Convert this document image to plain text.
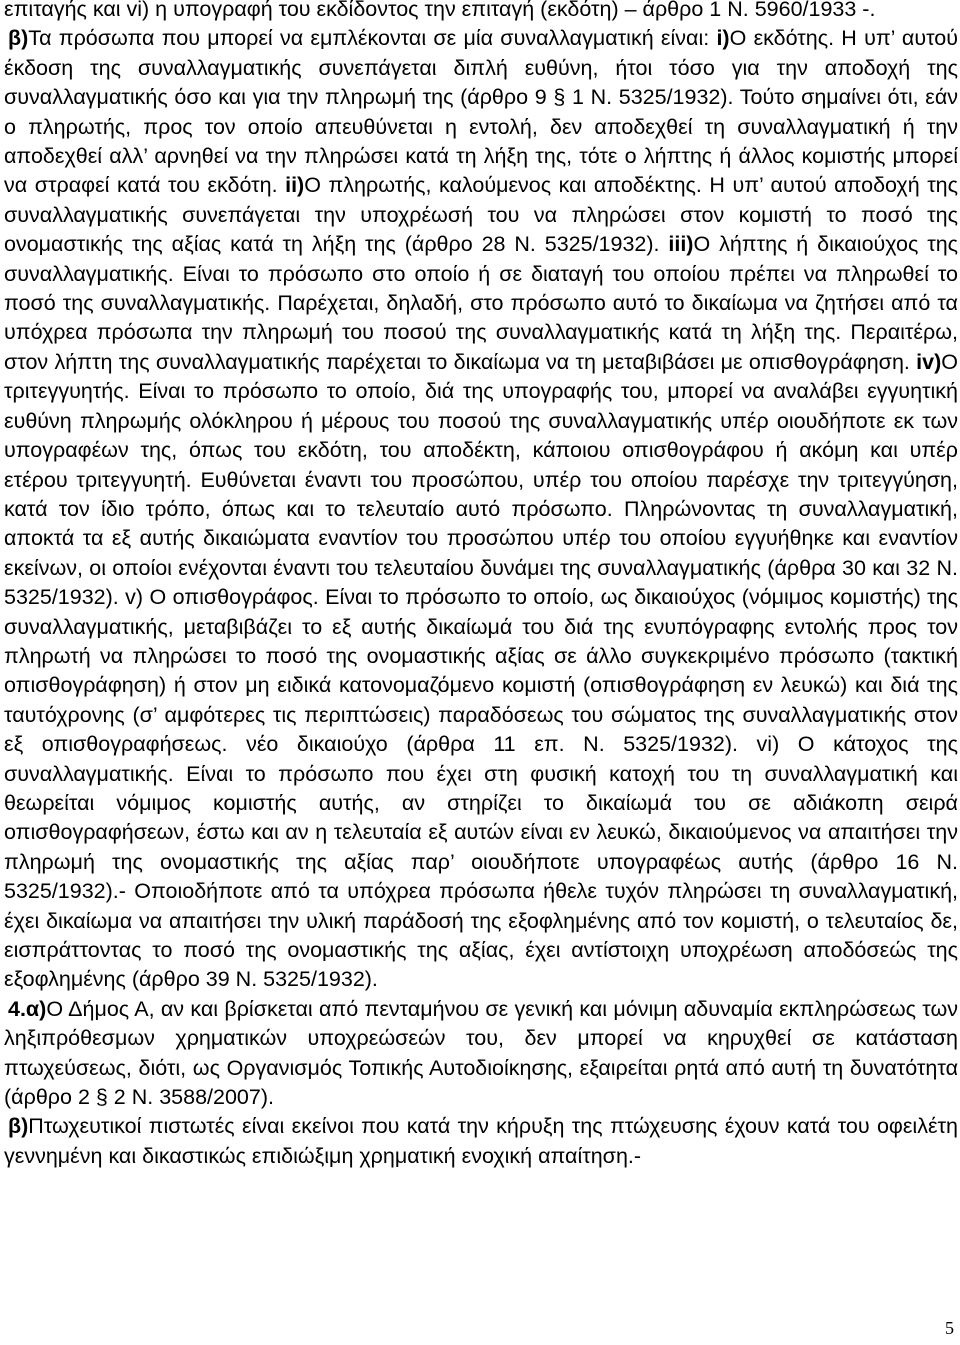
επιταγής και vi) η υπογραφή του εκδίδοντος την επιταγή (εκδότη) – άρθρο 1 Ν. 5960/1933 -.

β)Τα πρόσωπα που μπορεί να εμπλέκονται σε μία συναλλαγματική είναι: i)Ο εκδότης. Η υπ’ αυτού έκδοση της συναλλαγματικής συνεπάγεται διπλή ευθύνη, ήτοι τόσο για την αποδοχή της συναλλαγματικής όσο και για την πληρωμή της (άρθρο 9 § 1 Ν. 5325/1932). Τούτο σημαίνει ότι, εάν ο πληρωτής, προς τον οποίο απευθύνεται η εντολή, δεν αποδεχθεί τη συναλλαγματική ή την αποδεχθεί αλλ’ αρνηθεί να την πληρώσει κατά τη λήξη της, τότε ο λήπτης ή άλλος κομιστής μπορεί να στραφεί κατά του εκδότη. ii)Ο πληρωτής, καλούμενος και αποδέκτης. Η υπ’ αυτού αποδοχή της συναλλαγματικής συνεπάγεται την υποχρέωσή του να πληρώσει στον κομιστή το ποσό της ονομαστικής της αξίας κατά τη λήξη της (άρθρο 28 Ν. 5325/1932). iii)Ο λήπτης ή δικαιούχος της συναλλαγματικής. Είναι το πρόσωπο στο οποίο ή σε διαταγή του οποίου πρέπει να πληρωθεί το ποσό της συναλλαγματικής. Παρέχεται, δηλαδή, στο πρόσωπο αυτό το δικαίωμα να ζητήσει από τα υπόχρεα πρόσωπα την πληρωμή του ποσού της συναλλαγματικής κατά τη λήξη της. Περαιτέρω, στον λήπτη της συναλλαγματικής παρέχεται το δικαίωμα να τη μεταβιβάσει με οπισθογράφηση. iv)Ο τριτεγγυητής. Είναι το πρόσωπο το οποίο, διά της υπογραφής του, μπορεί να αναλάβει εγγυητική ευθύνη πληρωμής ολόκληρου ή μέρους του ποσού της συναλλαγματικής υπέρ οιουδήποτε εκ των υπογραφέων της, όπως του εκδότη, του αποδέκτη, κάποιου οπισθογράφου ή ακόμη και υπέρ ετέρου τριτεγγυητή. Ευθύνεται έναντι του προσώπου, υπέρ του οποίου παρέσχε την τριτεγγύηση, κατά τον ίδιο τρόπο, όπως και το τελευταίο αυτό πρόσωπο. Πληρώνοντας τη συναλλαγματική, αποκτά τα εξ αυτής δικαιώματα εναντίον του προσώπου υπέρ του οποίου εγγυήθηκε και εναντίον εκείνων, οι οποίοι ενέχονται έναντι του τελευταίου δυνάμει της συναλλαγματικής (άρθρα 30 και 32 Ν. 5325/1932). v) Ο οπισθογράφος. Είναι το πρόσωπο το οποίο, ως δικαιούχος (νόμιμος κομιστής) της συναλλαγματικής, μεταβιβάζει το εξ αυτής δικαίωμά του διά της ενυπόγραφης εντολής προς τον πληρωτή να πληρώσει το ποσό της ονομαστικής αξίας σε άλλο συγκεκριμένο πρόσωπο (τακτική οπισθογράφηση) ή στον μη ειδικά κατονομαζόμενο κομιστή (οπισθογράφηση εν λευκώ) και διά της ταυτόχρονης (σ’ αμφότερες τις περιπτώσεις) παραδόσεως του σώματος της συναλλαγματικής στον εξ οπισθογραφήσεως. νέο δικαιούχο (άρθρα 11 επ. Ν. 5325/1932). vi) Ο κάτοχος της συναλλαγματικής. Είναι το πρόσωπο που έχει στη φυσική κατοχή του τη συναλλαγματική και θεωρείται νόμιμος κομιστής αυτής, αν στηρίζει το δικαίωμά του σε αδιάκοπη σειρά οπισθογραφήσεων, έστω και αν η τελευταία εξ αυτών είναι εν λευκώ, δικαιούμενος να απαιτήσει την πληρωμή της ονομαστικής της αξίας παρ’ οιουδήποτε υπογραφέως αυτής (άρθρο 16 Ν. 5325/1932).- Οποιοδήποτε από τα υπόχρεα πρόσωπα ήθελε τυχόν πληρώσει τη συναλλαγματική, έχει δικαίωμα να απαιτήσει την υλική παράδοσή της εξοφλημένης από τον κομιστή, ο τελευταίος δε, εισπράττοντας το ποσό της ονομαστικής της αξίας, έχει αντίστοιχη υποχρέωση αποδόσεώς της εξοφλημένης (άρθρο 39 Ν. 5325/1932).

4.α)Ο Δήμος Α, αν και βρίσκεται από πενταμήνου σε γενική και μόνιμη αδυναμία εκπληρώσεως των ληξιπρόθεσμων χρηματικών υποχρεώσεών του, δεν μπορεί να κηρυχθεί σε κατάσταση πτωχεύσεως, διότι, ως Οργανισμός Τοπικής Αυτοδιοίκησης, εξαιρείται ρητά από αυτή τη δυνατότητα (άρθρο 2 § 2 Ν. 3588/2007).

β)Πτωχευτικοί πιστωτές είναι εκείνοι που κατά την κήρυξη της πτώχευσης έχουν κατά του οφειλέτη γεννημένη και δικαστικώς επιδιώξιμη χρηματική ενοχική απαίτηση.-

5
